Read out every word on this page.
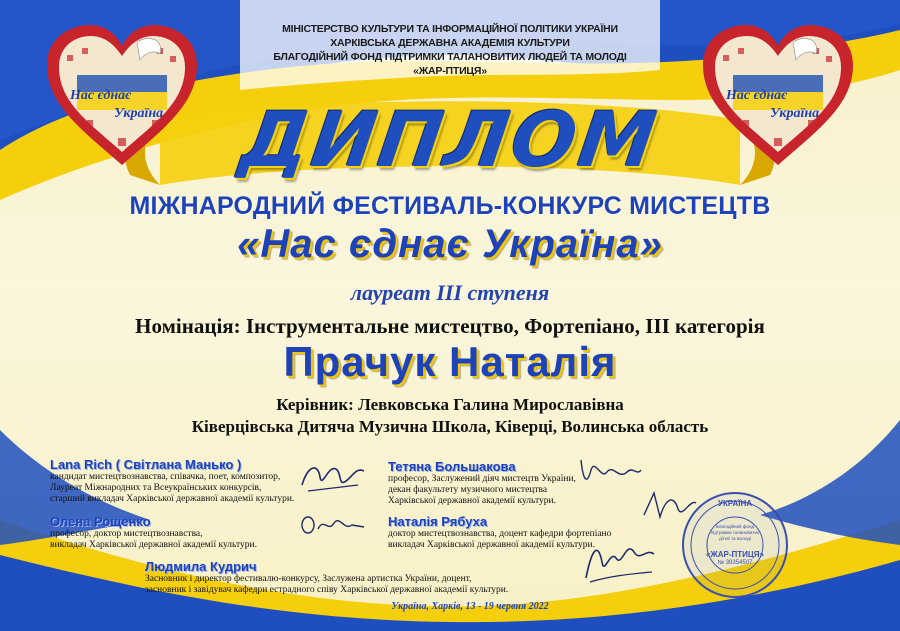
МІНІСТЕРСТВО КУЛЬТУРИ ТА ІНФОРМАЦІЙНОЇ ПОЛІТИКИ УКРАЇНИ
ХАРКІВСЬКА ДЕРЖАВНА АКАДЕМІЯ КУЛЬТУРИ
БЛАГОДІЙНИЙ ФОНД ПІДТРИМКИ ТАЛАНОВИТИХ ЛЮДЕЙ ТА МОЛОДІ «ЖАР-ПТИЦЯ»
Нас єднає
Україна
Нас єднає
Україна
ДИПЛОМ
МІЖНАРОДНИЙ ФЕСТИВАЛЬ-КОНКУРС МИСТЕЦТВ
«Нас єднає Україна»
лауреат ІІІ ступеня
Номінація: Інструментальне мистецтво, Фортепіано, ІІІ категорія
Прачук Наталія
Керівник: Левковська Галина Мирославівна
Ківерцівська Дитяча Музична Школа, Ківерці, Волинська область
Lana Rich ( Світлана Манько )
кандидат мистецтвознавства, співачка, поет, композитор,
Лауреат Міжнародних та Всеукраїнських конкурсів,
старший викладач Харківської державної академії культури.
Олена Рощенко
професор, доктор мистецтвознавства,
викладач Харківської державної академії культури.
Людмила Кудрич
Засновник і директор фестивалю-конкурсу, Заслужена артистка України, доцент,
засновник і завідувач кафедри естрадного співу Харківської державної академії культури.
Тетяна Большакова
професор, Заслужений діяч мистецтв України,
декан факультету музичного мистецтва
Харківської державної академії культури.
Наталія Рябуха
доктор мистецтвознавства, доцент кафедри фортепіано
викладач Харківської державної академії культури.
УКРАЇНА
Благодійний фонд підтримки талановитих дітей та молоді
«ЖАР-ПТИЦЯ»
№ 39354507
Україна, Харків, 13 - 19 червня 2022
